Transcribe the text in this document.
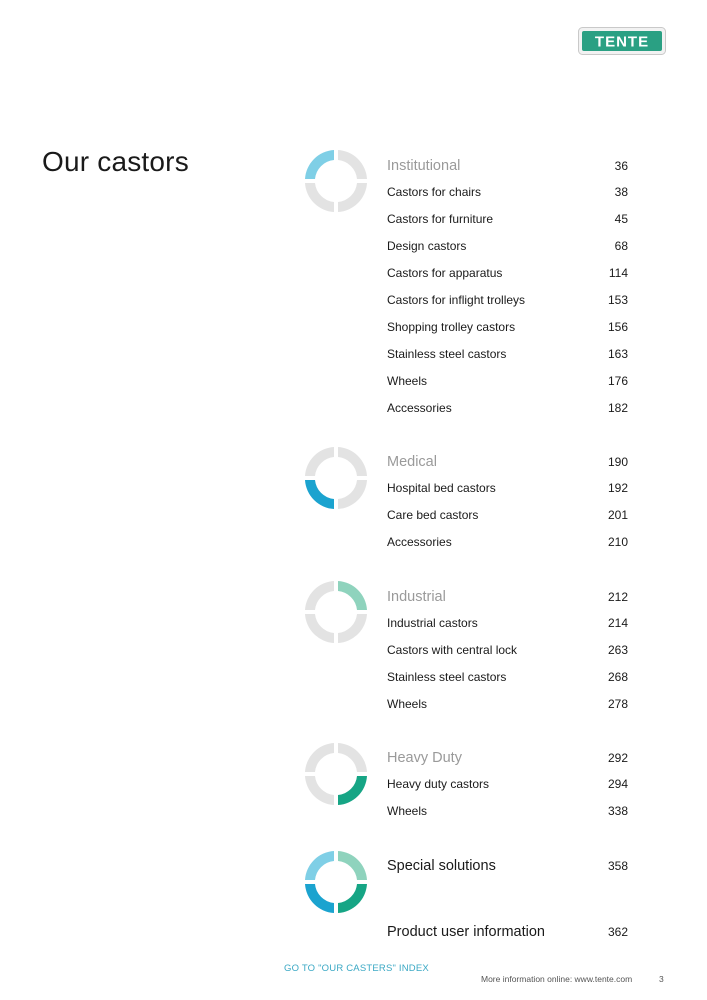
TENTE
Our castors	Institutional	36
Castors for chairs	38
Castors for furniture	45
Design castors	68
Castors for apparatus	114
Castors for inflight trolleys	153
Shopping trolley castors	156
Stainless steel castors	163
Wheels	176
Accessories	182
Medical	190
Hospital bed castors	192
Care bed castors	201
Accessories	210
Industrial	212
Industrial castors	214
Castors with central lock	263
Stainless steel castors	268
Wheels	278
Heavy Duty	292
Heavy duty castors	294
Wheels	338
Special solutions	358
Product user information	362
GO TO "OUR CASTERS" INDEX
More information online: www.tente.com	3
